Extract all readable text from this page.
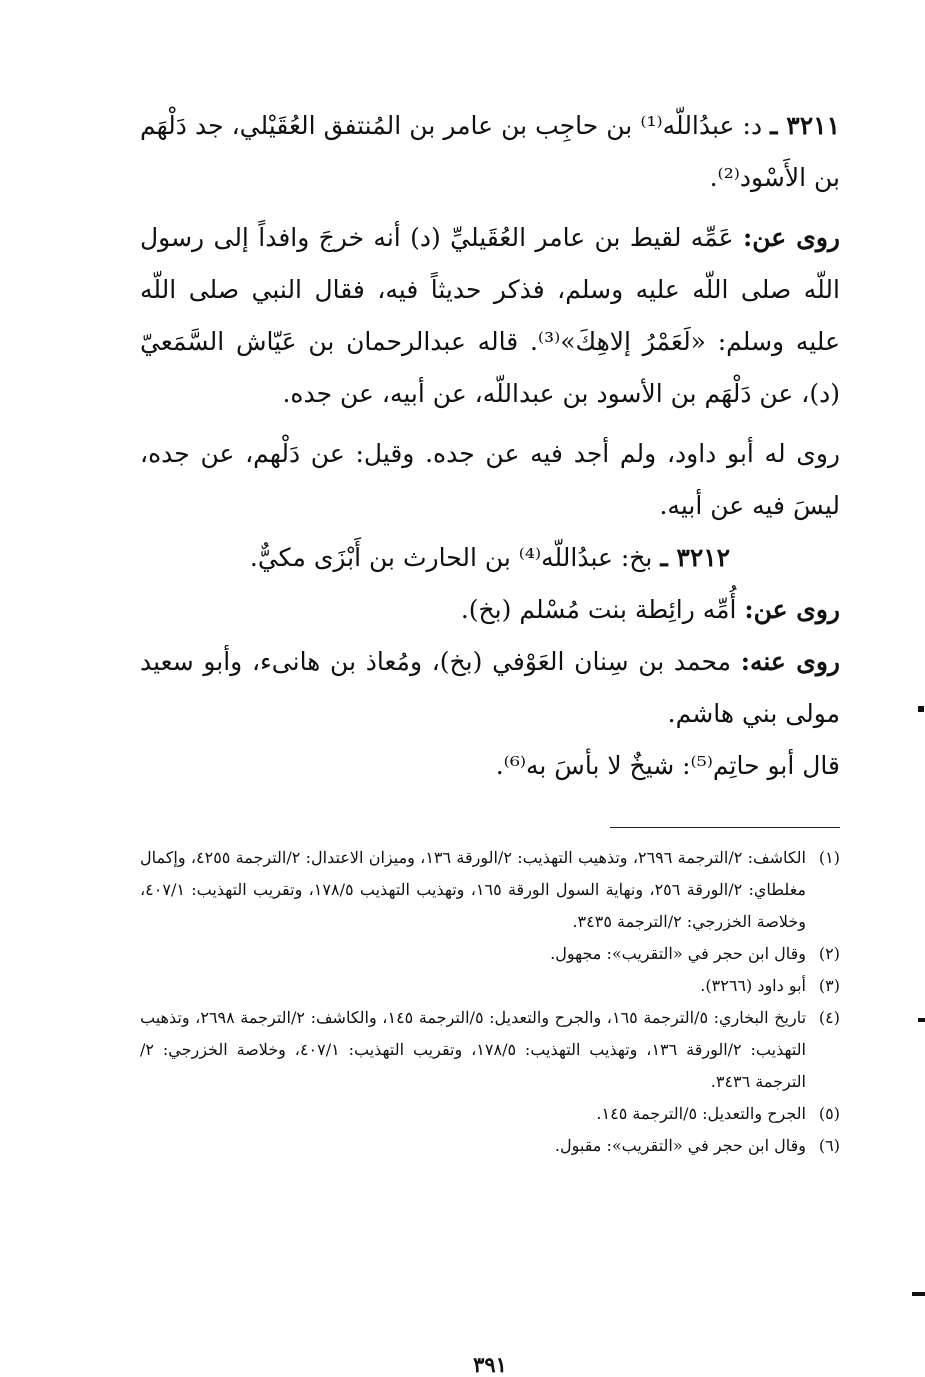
٣٢١١ ـ د: عبدُاللّه⁽¹⁾ بن حاجِب بن عامر بن المُنتفق العُقَيْلي، جد دَلْهَم بن الأَسْود⁽²⁾.

روى عن: عَمِّه لقيط بن عامر العُقَيليِّ (د) أنه خرجَ وافداً إلى رسول اللّه صلى اللّه عليه وسلم، فذكر حديثاً فيه، فقال النبي صلى اللّه عليه وسلم: «لَعَمْرُ إلاهِكَ»⁽³⁾. قاله عبدالرحمان بن عَيّاش السَّمَعيّ (د)، عن دَلْهَم بن الأسود بن عبداللّه، عن أبيه، عن جده.

روى له أبو داود، ولم أجد فيه عن جده. وقيل: عن دَلْهم، عن جده، ليسَ فيه عن أبيه.

٣٢١٢ ـ بخ: عبدُاللّه⁽⁴⁾ بن الحارث بن أَبْزَى مكيٌّ.

روى عن: أُمِّه رائِطة بنت مُسْلم (بخ).

روى عنه: محمد بن سِنان العَوْفي (بخ)، ومُعاذ بن هانىء، وأبو سعيد مولى بني هاشم.

قال أبو حاتِم⁽⁵⁾: شيخٌ لا بأسَ به⁽⁶⁾.

(١)
الكاشف: ٢/الترجمة ٢٦٩٦، وتذهيب التهذيب: ٢/الورقة ١٣٦، وميزان الاعتدال: ٢/الترجمة ٤٢٥٥، وإكمال مغلطاي: ٢/الورقة ٢٥٦، ونهاية السول الورقة ١٦٥، وتهذيب التهذيب ١٧٨/٥، وتقريب التهذيب: ٤٠٧/١، وخلاصة الخزرجي: ٢/الترجمة ٣٤٣٥.
(٢)
وقال ابن حجر في «التقريب»: مجهول.
(٣)
أبو داود (٣٢٦٦).
(٤)
تاريخ البخاري: ٥/الترجمة ١٦٥، والجرح والتعديل: ٥/الترجمة ١٤٥، والكاشف: ٢/الترجمة ٢٦٩٨، وتذهيب التهذيب: ٢/الورقة ١٣٦، وتهذيب التهذيب: ١٧٨/٥، وتقريب التهذيب: ٤٠٧/١، وخلاصة الخزرجي: ٢/الترجمة ٣٤٣٦.
(٥)
الجرح والتعديل: ٥/الترجمة ١٤٥.
(٦)
وقال ابن حجر في «التقريب»: مقبول.
٣٩١
